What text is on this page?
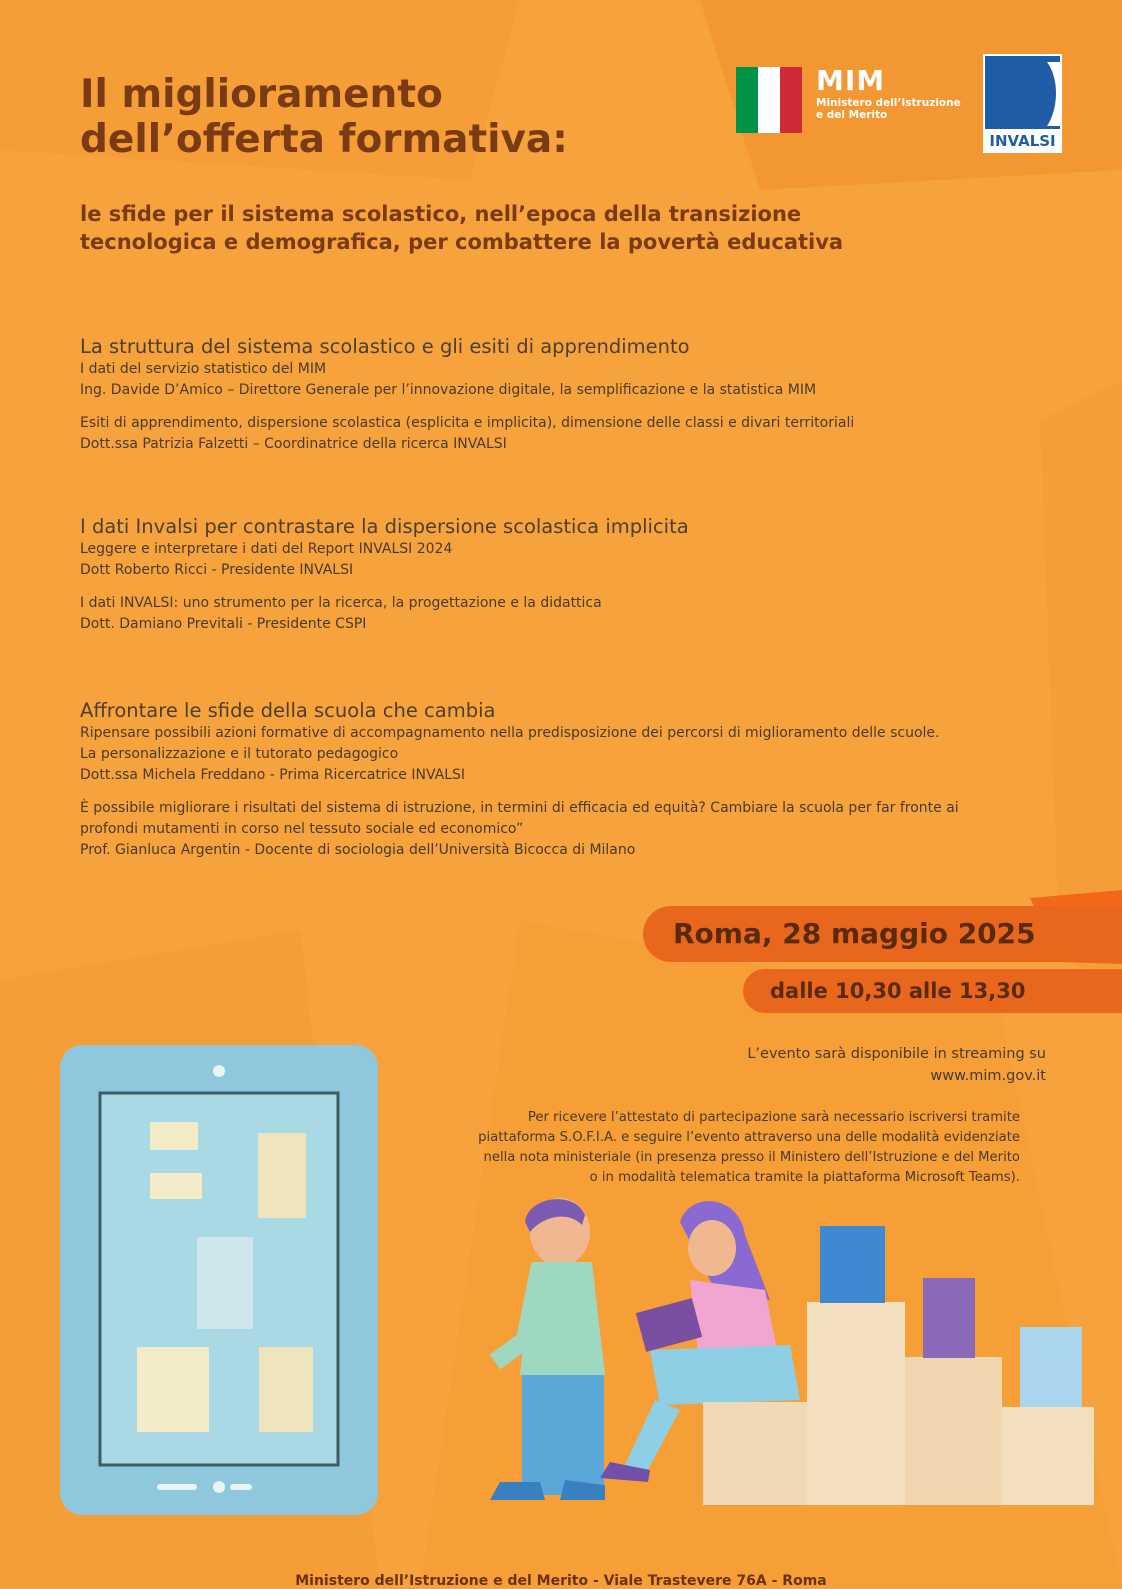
Il miglioramento
dell’offerta formativa:
le sfide per il sistema scolastico, nell’epoca della transizione
tecnologica e demografica, per combattere la povertà educativa
MIM
Ministero dell’Istruzione
e del Merito
INVALSI
La struttura del sistema scolastico e gli esiti di apprendimento
I dati del servizio statistico del MIM
Ing. Davide D’Amico – Direttore Generale per l’innovazione digitale, la semplificazione e la statistica MIM
Esiti di apprendimento, dispersione scolastica (esplicita e implicita), dimensione delle classi e divari territoriali
Dott.ssa Patrizia Falzetti – Coordinatrice della ricerca INVALSI
I dati Invalsi per contrastare la dispersione scolastica implicita
Leggere e interpretare i dati del Report INVALSI 2024
Dott Roberto Ricci - Presidente INVALSI
I dati INVALSI: uno strumento per la ricerca, la progettazione e la didattica
Dott. Damiano Previtali - Presidente CSPI
Affrontare le sfide della scuola che cambia
Ripensare possibili azioni formative di accompagnamento nella predisposizione dei percorsi di miglioramento delle scuole.
La personalizzazione e il tutorato pedagogico
Dott.ssa Michela Freddano - Prima Ricercatrice INVALSI
È possibile migliorare i risultati del sistema di istruzione, in termini di efficacia ed equità? Cambiare la scuola per far fronte ai
profondi mutamenti in corso nel tessuto sociale ed economico”
Prof. Gianluca Argentin - Docente di sociologia dell’Università Bicocca di Milano
Roma, 28 maggio 2025
dalle 10,30 alle 13,30
L’evento sarà disponibile in streaming su
www.mim.gov.it
Per ricevere l’attestato di partecipazione sarà necessario iscriversi tramite
piattaforma S.O.F.I.A. e seguire l’evento attraverso una delle modalità evidenziate
nella nota ministeriale (in presenza presso il Ministero dell’Istruzione e del Merito
o in modalità telematica tramite la piattaforma Microsoft Teams).
Ministero dell’Istruzione e del Merito - Viale Trastevere 76A - Roma
